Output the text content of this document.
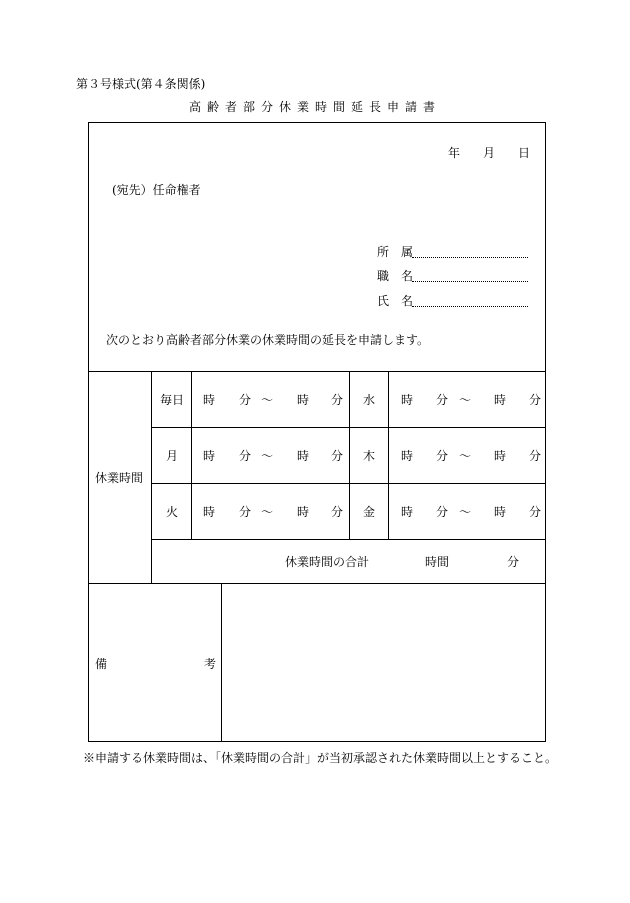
第３号様式(第４条関係)
高齢者部分休業時間延長申請書
年 月 日
(宛先）任命権者
所　属
職　名
氏　名
次のとおり高齢者部分休業の休業時間の延長を申請します。
休業時間
毎日 時 分 〜 時 分 水 時 分 〜 時 分
月 時 分 〜 時 分 木 時 分 〜 時 分
火 時 分 〜 時 分 金 時 分 〜 時 分
休業時間の合計	時間	分
備	考
※申請する休業時間は、「休業時間の合計」が当初承認された休業時間以上とすること。
